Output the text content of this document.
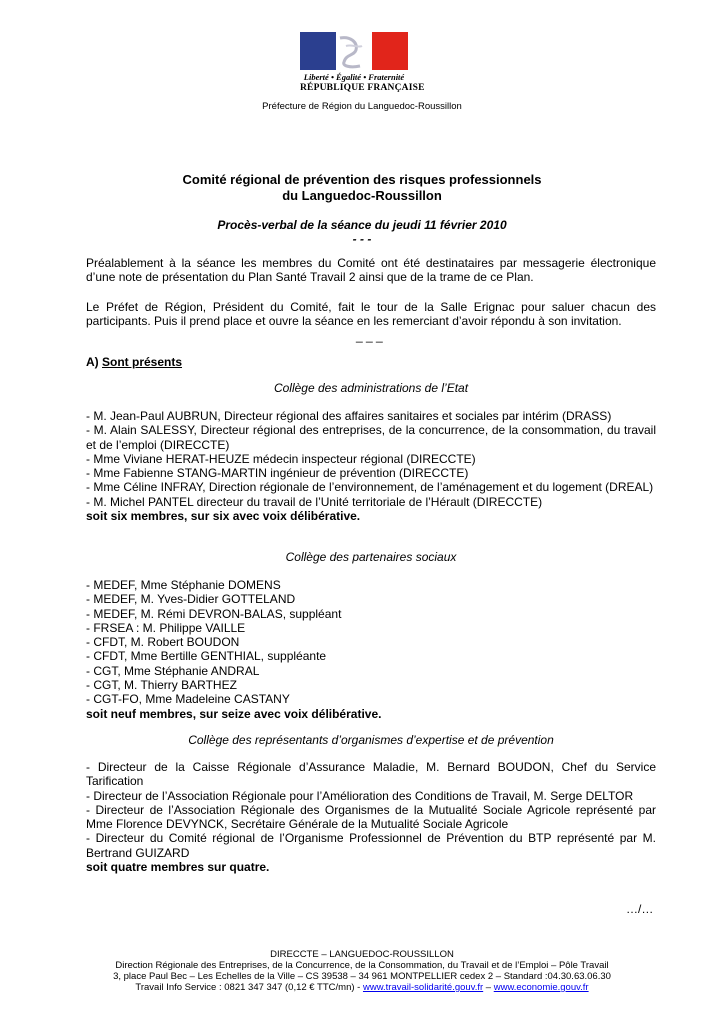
Liberté • Égalité • Fraternité
RÉPUBLIQUE FRANÇAISE
Préfecture de Région du Languedoc-Roussillon
Comité régional de prévention des risques professionnels
du Languedoc-Roussillon
Procès-verbal de la séance du jeudi 11 février 2010
- - -
Préalablement à la séance les membres du Comité ont été destinataires par messagerie électronique d’une note de présentation du Plan Santé Travail 2 ainsi que de la trame de ce Plan.
Le Préfet de Région, Président du Comité, fait le tour de la Salle Erignac pour saluer chacun des participants. Puis il prend place et ouvre la séance en les remerciant d’avoir répondu à son invitation.
_ _ _
A) Sont présents
Collège des administrations de l’Etat
- M. Jean-Paul AUBRUN, Directeur régional des affaires sanitaires et sociales par intérim (DRASS)
- M. Alain SALESSY, Directeur régional des entreprises, de la concurrence, de la consommation, du travail et de l’emploi (DIRECCTE)
- Mme Viviane HERAT-HEUZE médecin inspecteur régional (DIRECCTE)
- Mme Fabienne STANG-MARTIN ingénieur de prévention (DIRECCTE)
- Mme Céline INFRAY, Direction régionale de l’environnement, de l’aménagement et du logement (DREAL)
- M. Michel PANTEL directeur du travail de l’Unité territoriale de l’Hérault (DIRECCTE)
soit six membres, sur six avec voix délibérative.
Collège des partenaires sociaux
- MEDEF, Mme Stéphanie DOMENS
- MEDEF, M. Yves-Didier GOTTELAND
- MEDEF, M. Rémi DEVRON-BALAS, suppléant
- FRSEA : M. Philippe VAILLE
- CFDT, M. Robert BOUDON
- CFDT, Mme Bertille GENTHIAL, suppléante
- CGT, Mme Stéphanie ANDRAL
- CGT, M. Thierry BARTHEZ
- CGT-FO, Mme Madeleine CASTANY
soit neuf membres, sur seize avec voix délibérative.
Collège des représentants d’organismes d’expertise et de prévention
- Directeur de la Caisse Régionale d’Assurance Maladie, M. Bernard BOUDON, Chef du Service Tarification
- Directeur de l’Association Régionale pour l’Amélioration des Conditions de Travail, M. Serge DELTOR
- Directeur de l’Association Régionale des Organismes de la Mutualité Sociale Agricole représenté par Mme Florence DEVYNCK, Secrétaire Générale de la Mutualité Sociale Agricole
- Directeur du Comité régional de l’Organisme Professionnel de Prévention du BTP représenté par M. Bertrand GUIZARD
soit quatre membres sur quatre.
…/…
DIRECCTE – LANGUEDOC-ROUSSILLON
Direction Régionale des Entreprises, de la Concurrence, de la Consommation, du Travail et de l’Emploi – Pôle Travail
3, place Paul Bec – Les Echelles de la Ville – CS 39538 – 34 961 MONTPELLIER cedex 2 – Standard :04.30.63.06.30
Travail Info Service : 0821 347 347 (0,12 € TTC/mn) - www.travail-solidarité.gouv.fr – www.economie.gouv.fr
